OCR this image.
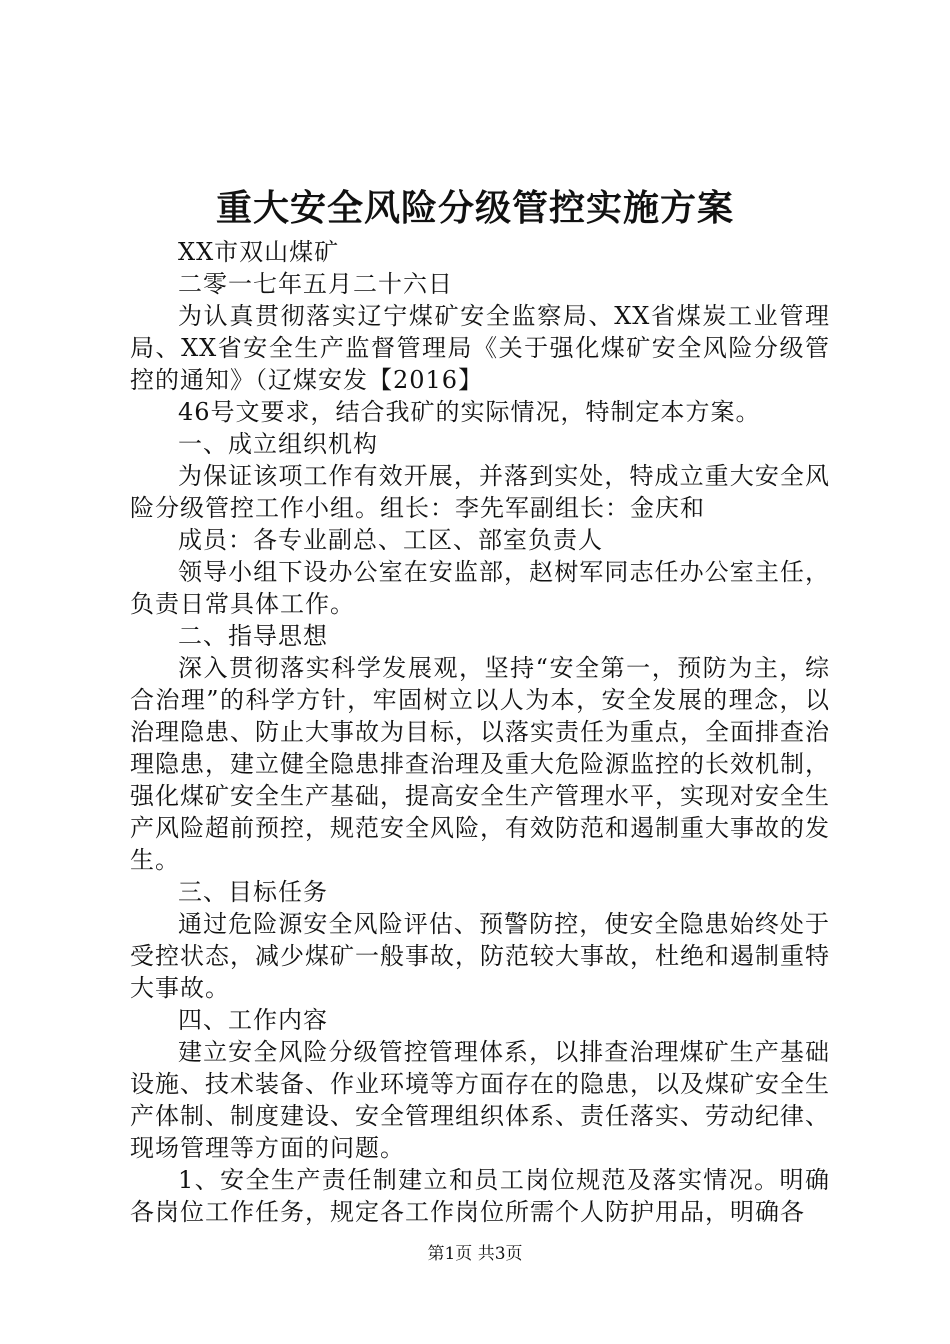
重大安全风险分级管控实施方案

XX市双山煤矿

二零一七年五月二十六日

为认真贯彻落实辽宁煤矿安全监察局、XX省煤炭工业管理局、XX省安全生产监督管理局《关于强化煤矿安全风险分级管控的通知》（辽煤安发【2016】

46号文要求，结合我矿的实际情况，特制定本方案。

一、成立组织机构

为保证该项工作有效开展，并落到实处，特成立重大安全风险分级管控工作小组。组长：李先军副组长：金庆和

成员：各专业副总、工区、部室负责人

领导小组下设办公室在安监部，赵树军同志任办公室主任，负责日常具体工作。

二、指导思想

深入贯彻落实科学发展观，坚持“安全第一，预防为主，综合治理”的科学方针，牢固树立以人为本，安全发展的理念，以治理隐患、防止大事故为目标，以落实责任为重点，全面排查治理隐患，建立健全隐患排查治理及重大危险源监控的长效机制，强化煤矿安全生产基础，提高安全生产管理水平，实现对安全生产风险超前预控，规范安全风险，有效防范和遏制重大事故的发生。

三、目标任务

通过危险源安全风险评估、预警防控，使安全隐患始终处于受控状态，减少煤矿一般事故，防范较大事故，杜绝和遏制重特大事故。

四、工作内容

建立安全风险分级管控管理体系，以排查治理煤矿生产基础设施、技术装备、作业环境等方面存在的隐患，以及煤矿安全生产体制、制度建设、安全管理组织体系、责任落实、劳动纪律、现场管理等方面的问题。

1、安全生产责任制建立和员工岗位规范及落实情况。明确各岗位工作任务，规定各工作岗位所需个人防护用品，明确各

第1页 共3页
